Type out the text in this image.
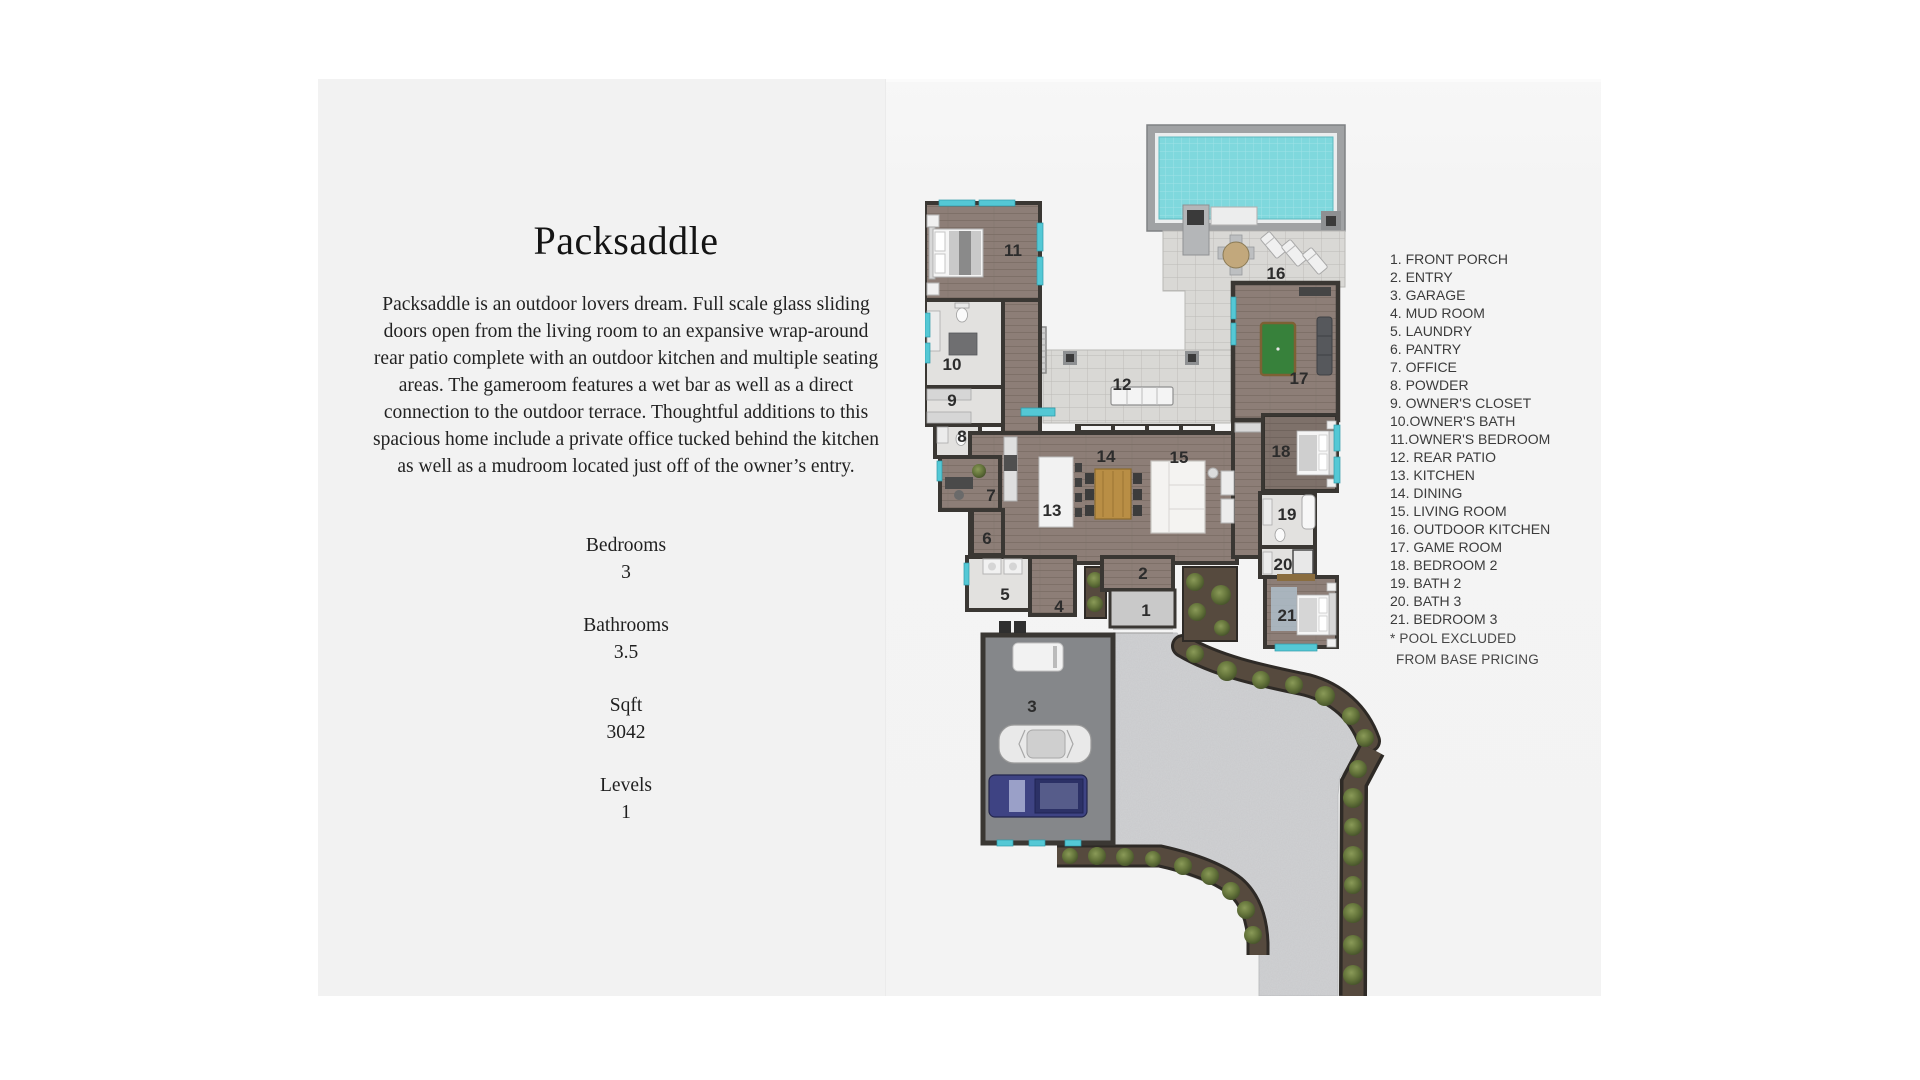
Packsaddle

Packsaddle is an outdoor lovers dream. Full scale glass sliding doors open from the living room to an expansive wrap-around rear patio complete with an outdoor kitchen and multiple seating areas. The gameroom features a wet bar as well as a direct connection to the outdoor terrace. Thoughtful additions to this spacious home include a private office tucked behind the kitchen as well as a mudroom located just off of the owner’s entry.

Bedrooms
3
Bathrooms
3.5
Sqft
3042
Levels
1
1
2
3
4
5
6
7
8
9
10
11
12
13
14	15
16
17
18
19
20
21
1. FRONT PORCH
2. ENTRY
3. GARAGE
4. MUD ROOM
5. LAUNDRY
6. PANTRY
7. OFFICE
8. POWDER
9. OWNER'S CLOSET
10.OWNER'S BATH
11.OWNER'S BEDROOM
12. REAR PATIO
13. KITCHEN
14. DINING
15. LIVING ROOM
16. OUTDOOR KITCHEN
17. GAME ROOM
18. BEDROOM 2
19. BATH 2
20. BATH 3
21. BEDROOM 3
* POOL EXCLUDED
FROM BASE PRICING
